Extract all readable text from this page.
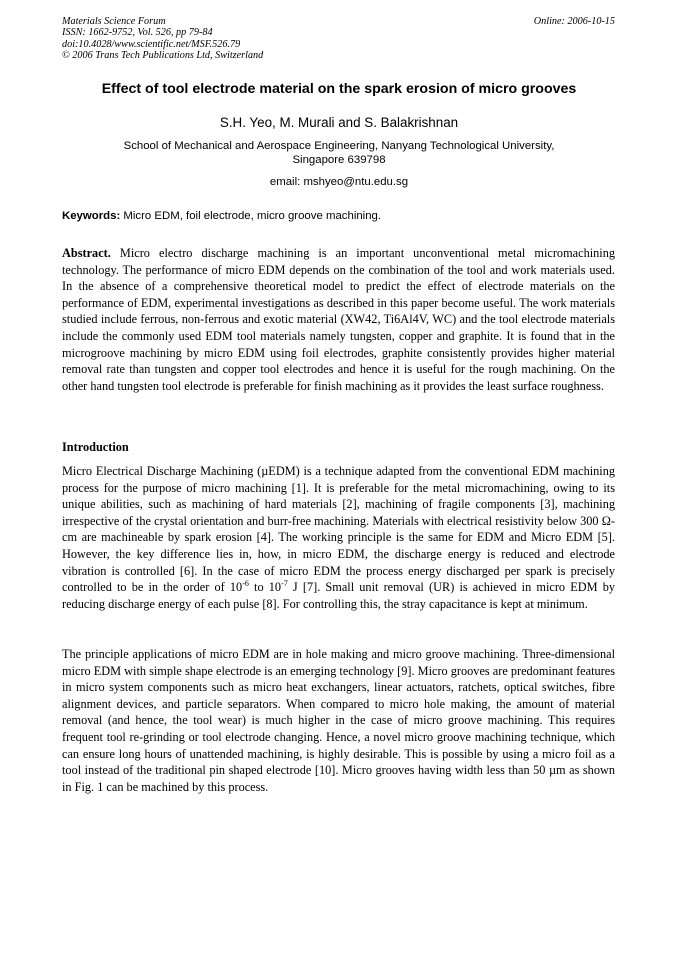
Materials Science Forum
ISSN: 1662-9752, Vol. 526, pp 79-84
doi:10.4028/www.scientific.net/MSF.526.79
© 2006 Trans Tech Publications Ltd, Switzerland
Online: 2006-10-15
Effect of tool electrode material on the spark erosion of micro grooves
S.H. Yeo, M. Murali and S. Balakrishnan
School of Mechanical and Aerospace Engineering, Nanyang Technological University,
Singapore 639798
email: mshyeo@ntu.edu.sg
Keywords: Micro EDM, foil electrode, micro groove machining.
Abstract. Micro electro discharge machining is an important unconventional metal micromachining technology. The performance of micro EDM depends on the combination of the tool and work materials used. In the absence of a comprehensive theoretical model to predict the effect of electrode materials on the performance of EDM, experimental investigations as described in this paper become useful. The work materials studied include ferrous, non-ferrous and exotic material (XW42, Ti6Al4V, WC) and the tool electrode materials include the commonly used EDM tool materials namely tungsten, copper and graphite. It is found that in the microgroove machining by micro EDM using foil electrodes, graphite consistently provides higher material removal rate than tungsten and copper tool electrodes and hence it is useful for the rough machining. On the other hand tungsten tool electrode is preferable for finish machining as it provides the least surface roughness.
Introduction
Micro Electrical Discharge Machining (µEDM) is a technique adapted from the conventional EDM machining process for the purpose of micro machining [1]. It is preferable for the metal micromachining, owing to its unique abilities, such as machining of hard materials [2], machining of fragile components [3], machining irrespective of the crystal orientation and burr-free machining. Materials with electrical resistivity below 300 Ω-cm are machineable by spark erosion [4]. The working principle is the same for EDM and Micro EDM [5]. However, the key difference lies in, how, in micro EDM, the discharge energy is reduced and electrode vibration is controlled [6]. In the case of micro EDM the process energy discharged per spark is precisely controlled to be in the order of $10^{-6}$ to $10^{-7}$ J [7]. Small unit removal (UR) is achieved in micro EDM by reducing discharge energy of each pulse [8]. For controlling this, the stray capacitance is kept at minimum.
The principle applications of micro EDM are in hole making and micro groove machining. Three-dimensional micro EDM with simple shape electrode is an emerging technology [9]. Micro grooves are predominant features in micro system components such as micro heat exchangers, linear actuators, ratchets, optical switches, fibre alignment devices, and particle separators. When compared to micro hole making, the amount of material removal (and hence, the tool wear) is much higher in the case of micro groove machining. This requires frequent tool re-grinding or tool electrode changing. Hence, a novel micro groove machining technique, which can ensure long hours of unattended machining, is highly desirable. This is possible by using a micro foil as a tool instead of the traditional pin shaped electrode [10]. Micro grooves having width less than 50 µm as shown in Fig. 1 can be machined by this process.
